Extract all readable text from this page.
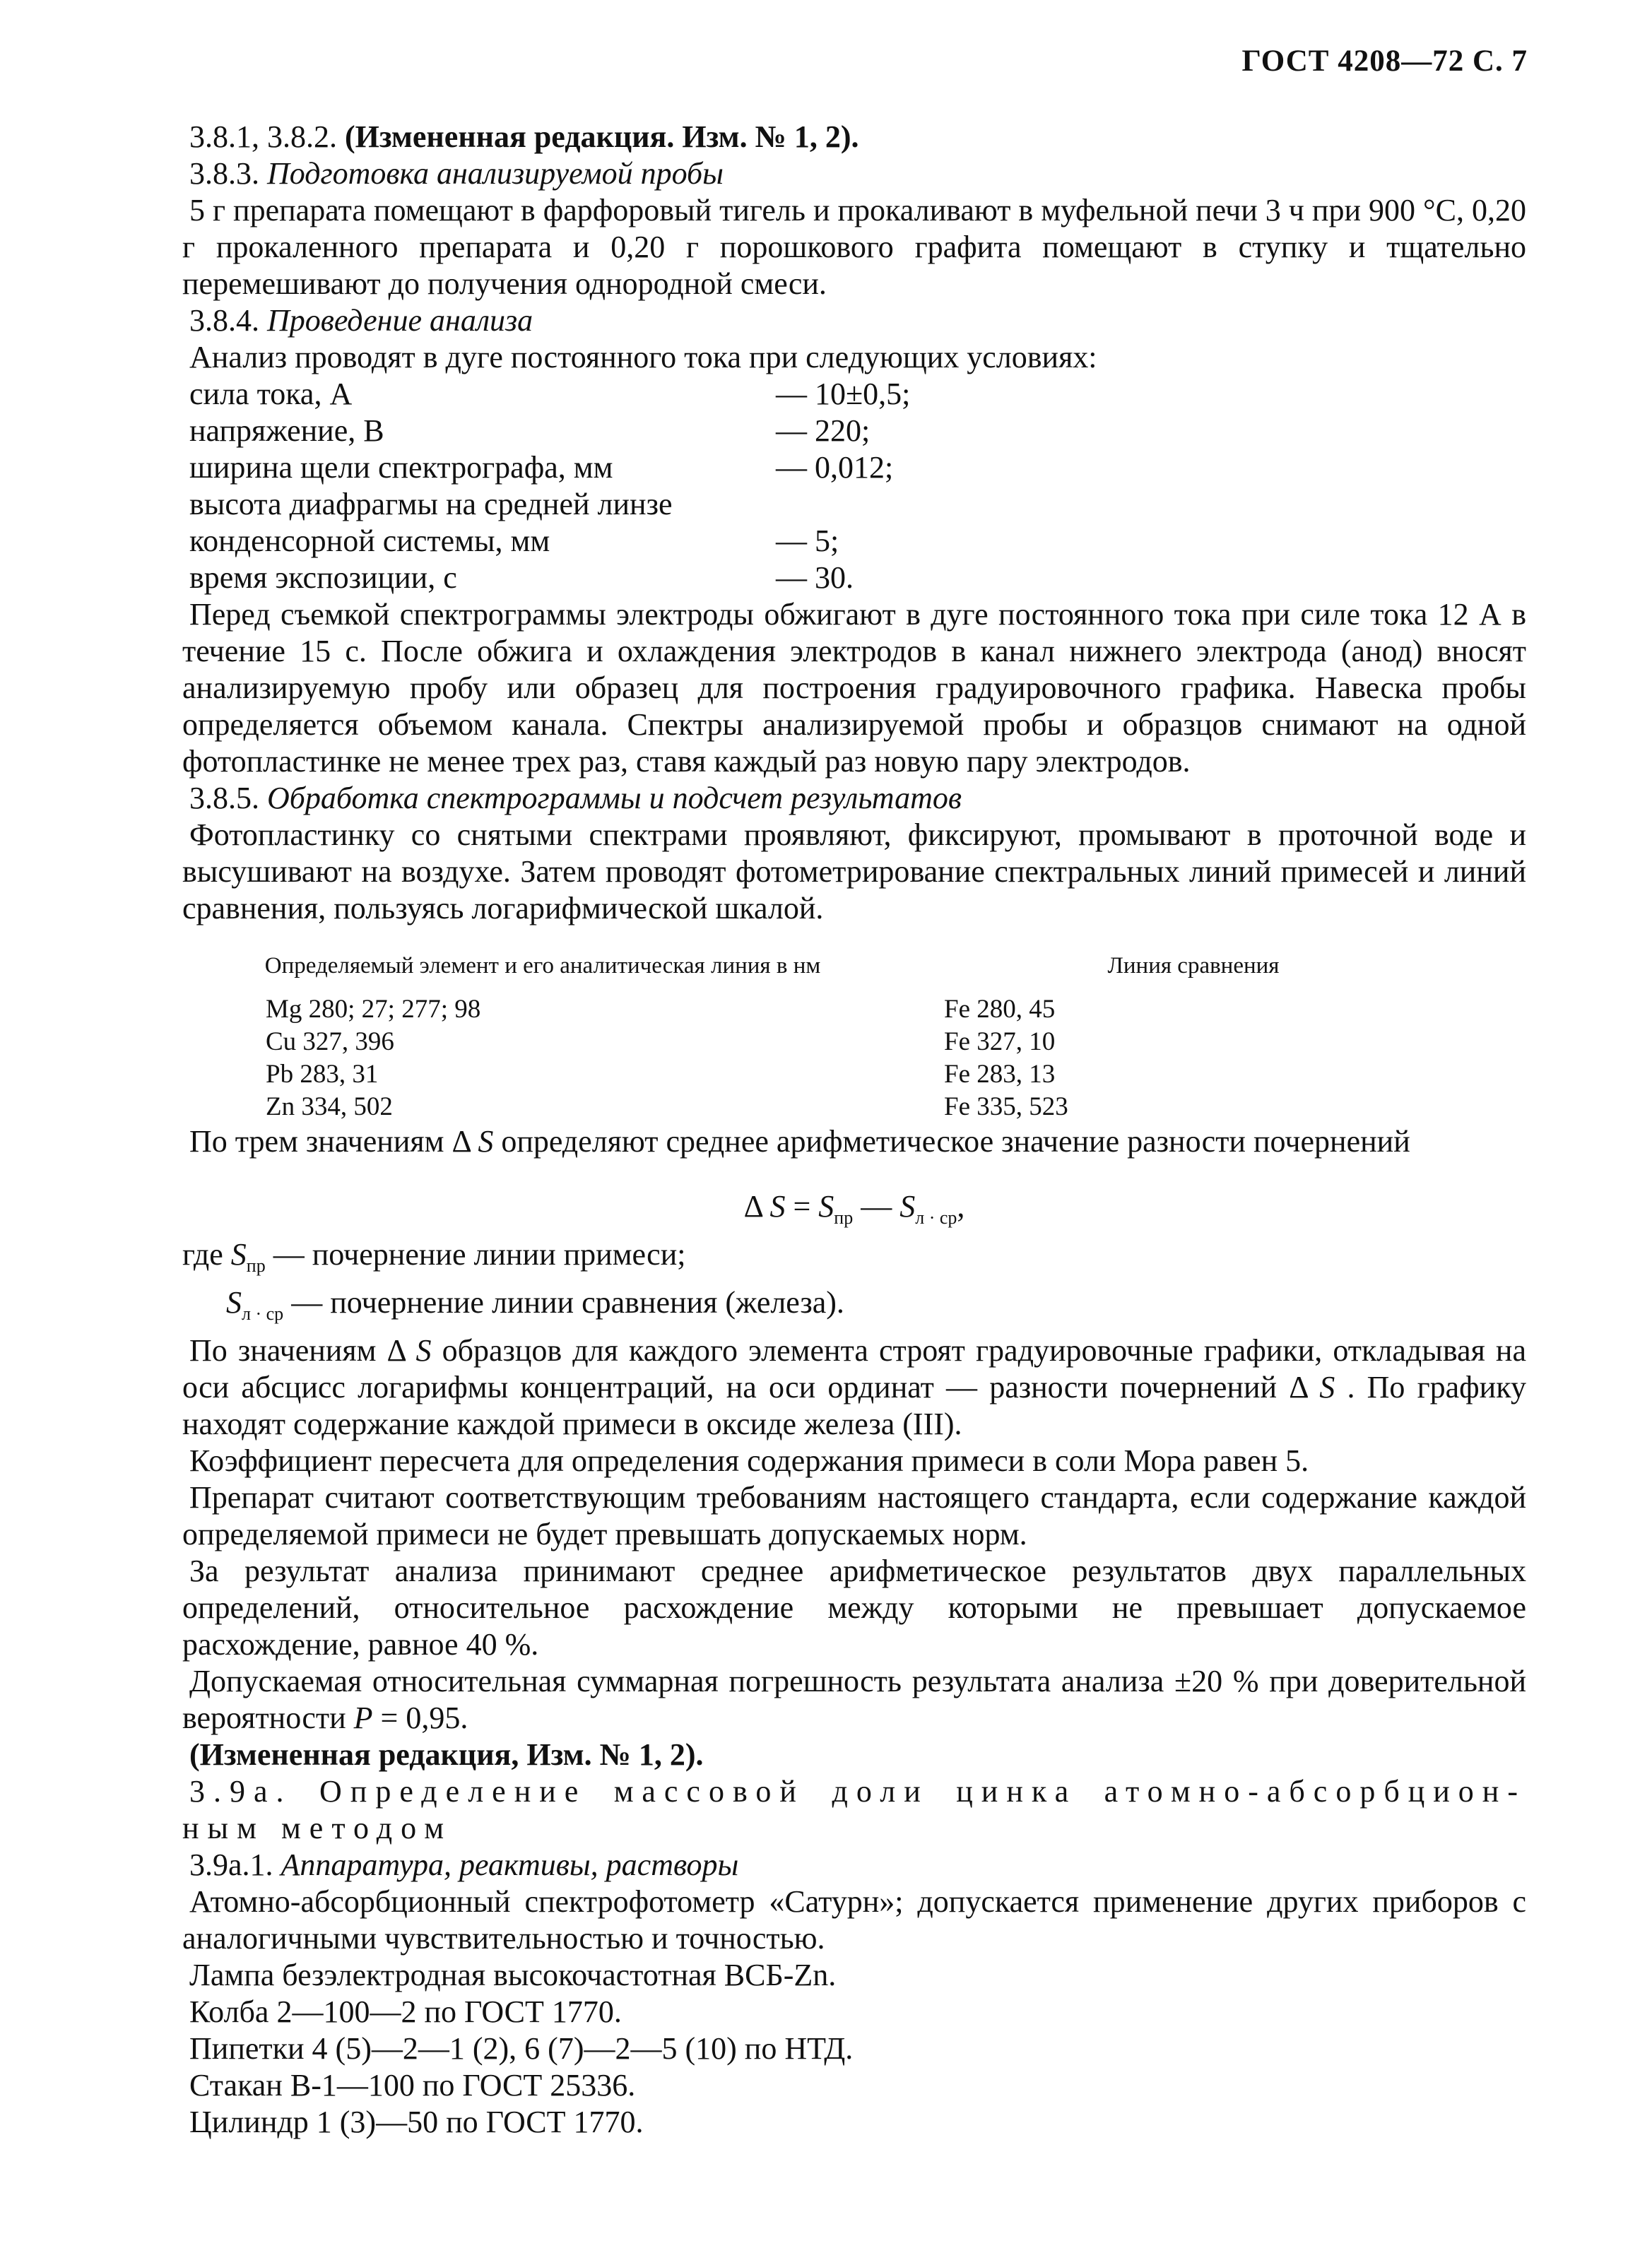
ГОСТ 4208—72 С. 7

3.8.1, 3.8.2. (Измененная редакция. Изм. № 1, 2).

3.8.3. Подготовка анализируемой пробы

5 г препарата помещают в фарфоровый тигель и прокаливают в муфельной печи 3 ч при 900 °С, 0,20 г прокаленного препарата и 0,20 г порошкового графита помещают в ступку и тщательно перемешивают до получения однородной смеси.

3.8.4. Проведение анализа

Анализ проводят в дуге постоянного тока при следующих условиях:

сила тока, А	— 10±0,5;
напряжение, В	— 220;
ширина щели спектрографа, мм	— 0,012;
высота диафрагмы на средней линзе
конденсорной системы, мм	— 5;
время экспозиции, с	— 30.

Перед съемкой спектрограммы электроды обжигают в дуге постоянного тока при силе тока 12 А в течение 15 с. После обжига и охлаждения электродов в канал нижнего электрода (анод) вносят анализируемую пробу или образец для построения градуировочного графика. Навеска пробы определяется объемом канала. Спектры анализируемой пробы и образцов снимают на одной фотопластинке не менее трех раз, ставя каждый раз новую пару электродов.

3.8.5. Обработка спектрограммы и подсчет результатов

Фотопластинку со снятыми спектрами проявляют, фиксируют, промывают в проточной воде и высушивают на воздухе. Затем проводят фотометрирование спектральных линий примесей и линий сравнения, пользуясь логарифмической шкалой.

Определяемый элемент и его аналитическая линия в нм	Линия сравнения
Mg 280; 27; 277; 98	Fe 280, 45
Cu 327, 396	Fe 327, 10
Pb 283, 31	Fe 283, 13
Zn 334, 502	Fe 335, 523

По трем значениям Δ S определяют среднее арифметическое значение разности почернений

Δ $S = S_{пр}$ — $S_{л \cdot ср}$,

где $S_{пр}$ — почернение линии примеси;

$S_{л \cdot ср}$ — почернение линии сравнения (железа).

По значениям Δ S образцов для каждого элемента строят градуировочные графики, откладывая на оси абсцисс логарифмы концентраций, на оси ординат — разности почернений Δ S . По графику находят содержание каждой примеси в оксиде железа (III).

Коэффициент пересчета для определения содержания примеси в соли Мора равен 5.

Препарат считают соответствующим требованиям настоящего стандарта, если содержание каждой определяемой примеси не будет превышать допускаемых норм.

За результат анализа принимают среднее арифметическое результатов двух параллельных определений, относительное расхождение между которыми не превышает допускаемое расхождение, равное 40 %.

Допускаемая относительная суммарная погрешность результата анализа ±20 % при доверительной вероятности P = 0,95.

(Измененная редакция, Изм. № 1, 2).

3.9а. Определение массовой доли цинка атомно-абсорбцион-

ным методом

3.9а.1. Аппаратура, реактивы, растворы

Атомно-абсорбционный спектрофотометр «Сатурн»; допускается применение других приборов с аналогичными чувствительностью и точностью.

Лампа безэлектродная высокочастотная ВСБ-Zn.

Колба 2—100—2 по ГОСТ 1770.

Пипетки 4 (5)—2—1 (2), 6 (7)—2—5 (10) по НТД.

Стакан В-1—100 по ГОСТ 25336.

Цилиндр 1 (3)—50 по ГОСТ 1770.
